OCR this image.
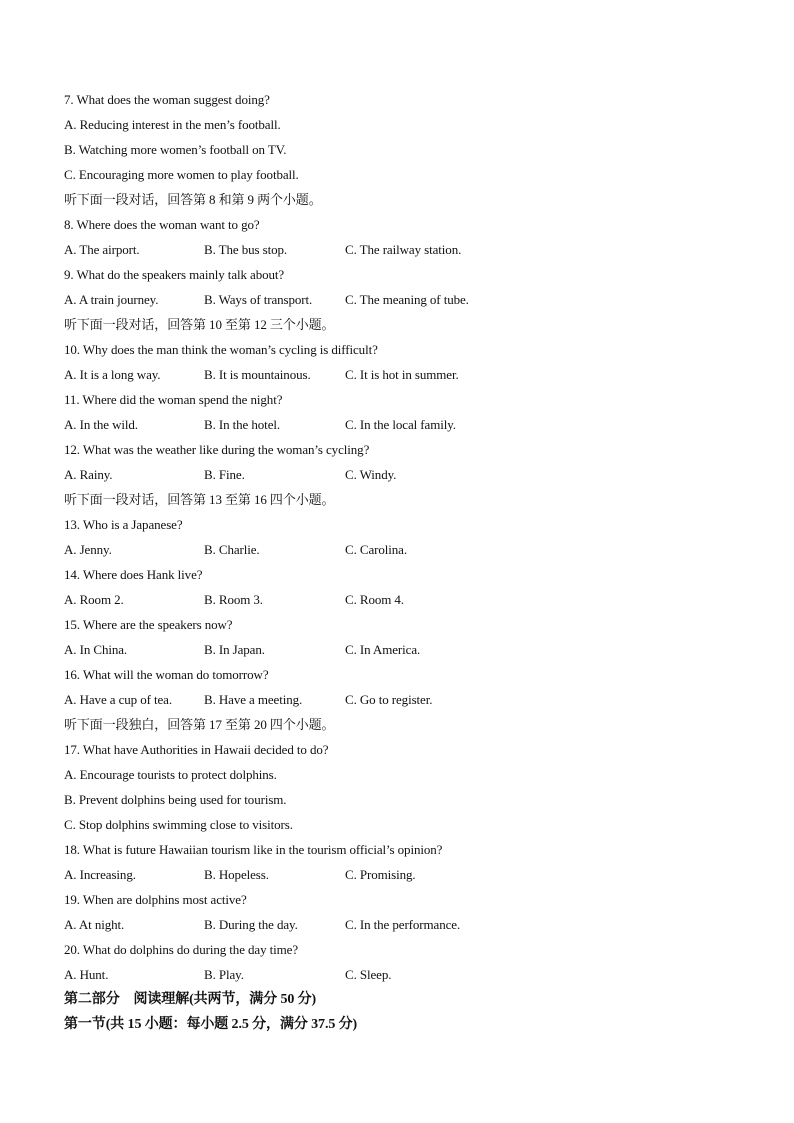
7. What does the woman suggest doing?
A. Reducing interest in the men’s football.
B. Watching more women’s football on TV.
C. Encouraging more women to play football.
听下面一段对话，回答第 8 和第 9 两个小题。
8. Where does the woman want to go?
A. The airport.	B. The bus stop.	C. The railway station.
9. What do the speakers mainly talk about?
A. A train journey.	B. Ways of transport.	C. The meaning of tube.
听下面一段对话，回答第 10 至第 12 三个小题。
10. Why does the man think the woman’s cycling is difficult?
A. It is a long way.	B. It is mountainous.	C. It is hot in summer.
11. Where did the woman spend the night?
A. In the wild.	B. In the hotel.	C. In the local family.
12. What was the weather like during the woman’s cycling?
A. Rainy.	B. Fine.	C. Windy.
听下面一段对话，回答第 13 至第 16 四个小题。
13. Who is a Japanese?
A. Jenny.	B. Charlie.	C. Carolina.
14. Where does Hank live?
A. Room 2.	B. Room 3.	C. Room 4.
15. Where are the speakers now?
A. In China.	B. In Japan.	C. In America.
16. What will the woman do tomorrow?
A. Have a cup of tea.	B. Have a meeting.	C. Go to register.
听下面一段独白，回答第 17 至第 20 四个小题。
17. What have Authorities in Hawaii decided to do?
A. Encourage tourists to protect dolphins.
B. Prevent dolphins being used for tourism.
C. Stop dolphins swimming close to visitors.
18. What is future Hawaiian tourism like in the tourism official’s opinion?
A. Increasing.	B. Hopeless.	C. Promising.
19. When are dolphins most active?
A. At night.	B. During the day.	C. In the performance.
20. What do dolphins do during the day time?
A. Hunt.	B. Play.	C. Sleep.
第二部分　阅读理解(共两节，满分 50 分)
第一节(共 15 小题：每小题 2.5 分，满分 37.5 分)
